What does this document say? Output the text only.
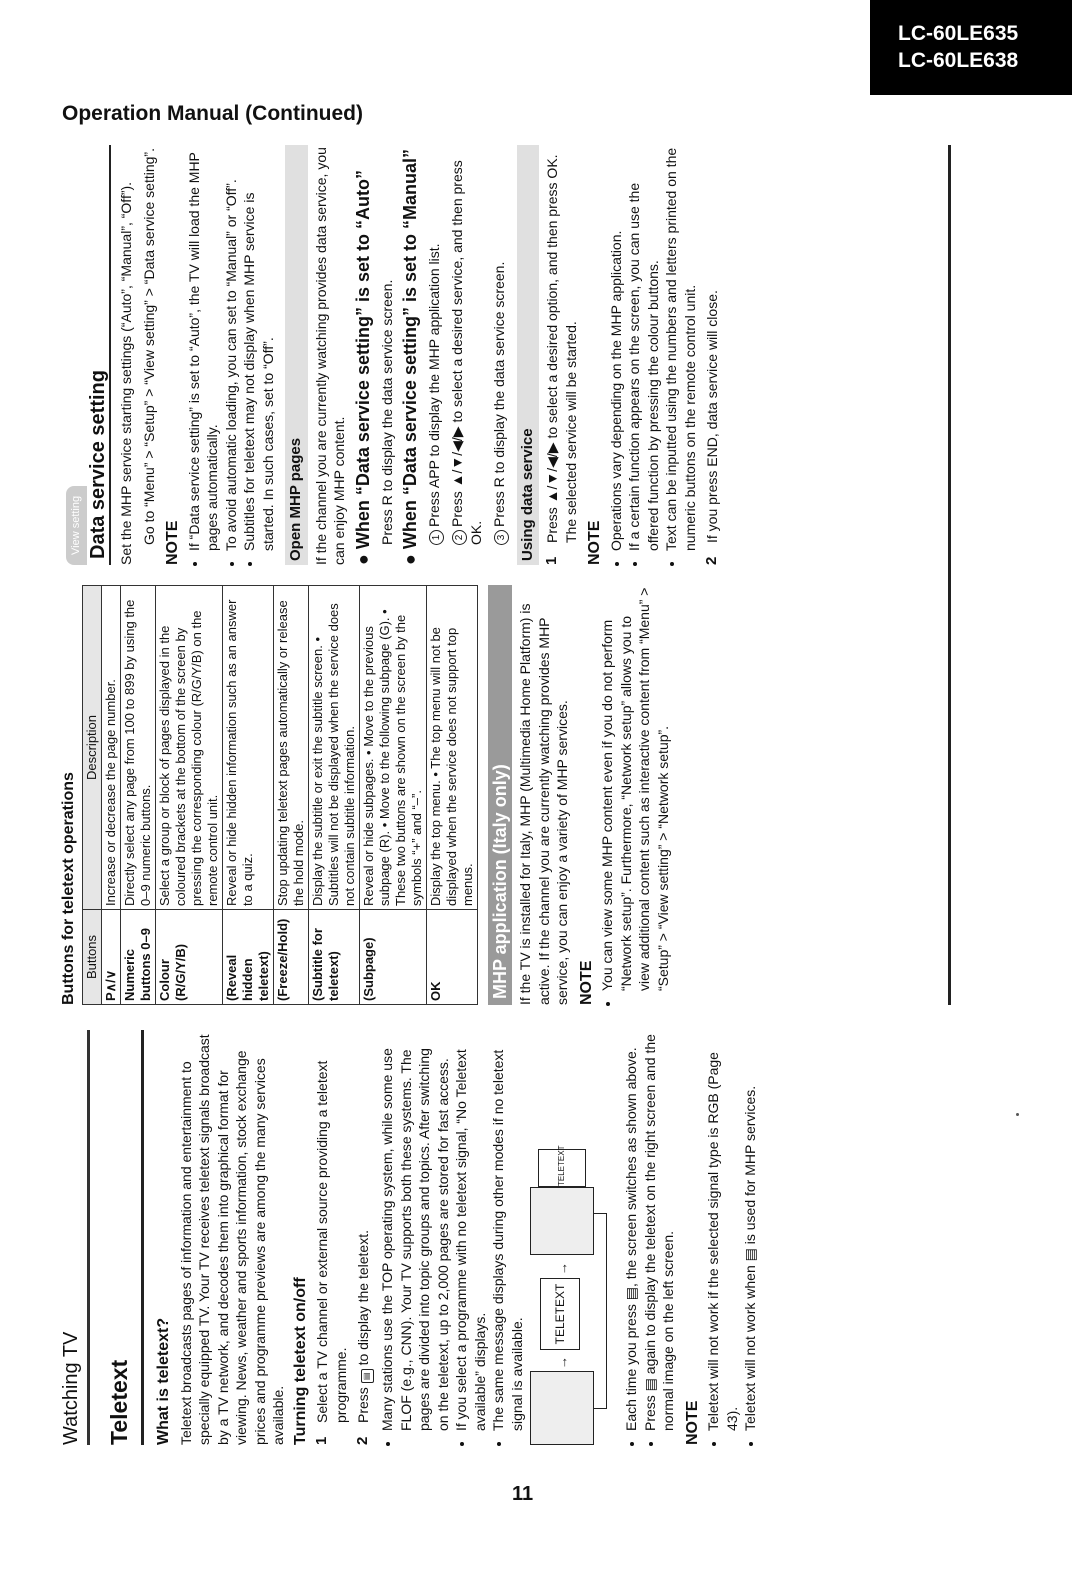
LC-60LE635
LC-60LE638
Operation Manual (Continued)
11
Watching TV Teletext What is teletext? Teletext broadcasts pages of information and entertainment to specially equipped TV. Your TV receives teletext signals broadcast by a TV network, and decodes them into graphical format for viewing. News, weather and sports information, stock exchange prices and programme previews are among the many services available. Turning teletext on/off 1
Select a TV channel or external source providing a teletext programme.
2
Press ▤ to display the teletext. • Many stations use the TOP operating system, while some use FLOF (e.g., CNN). Your TV supports both these systems. The pages are divided into topic groups and topics. After switching on the teletext, up to 2,000 pages are stored for fast access. • If you select a programme with no teletext signal, “No Teletext available” displays. • The same message displays during other modes if no teletext signal is available. →
TELETEXT
→
TELETEXT	• Each time you press ▤, the screen switches as shown above. • Press ▤ again to display the teletext on the right screen and the normal image on the left screen. NOTE • Teletext will not work if the selected signal type is RGB (Page 43). • Teletext will not work when ▤ is used for MHP services.
Buttons for teletext operations Buttons	Description
P∧/∨	Increase or decrease the page number.
Numeric buttons 0–9	Directly select any page from 100 to 899 by using the 0–9 numeric buttons.
Colour (R/G/Y/B)	Select a group or block of pages displayed in the coloured brackets at the bottom of the screen by pressing the corresponding colour (R/G/Y/B) on the remote control unit.
(Reveal hidden teletext)	Reveal or hide hidden information such as an answer to a quiz.
(Freeze/Hold)	Stop updating teletext pages automatically or release the hold mode.
(Subtitle for teletext)	Display the subtitle or exit the subtitle screen. • Subtitles will not be displayed when the service does not contain subtitle information.
(Subpage)	Reveal or hide subpages. • Move to the previous subpage (R). • Move to the following subpage (G). • These two buttons are shown on the screen by the symbols “+” and “–”.
OK	Display the top menu. • The top menu will not be displayed when the service does not support top menus. MHP application (Italy only) If the TV is installed for Italy, MHP (Multimedia Home Platform) is active. If the channel you are currently watching provides MHP service, you can enjoy a variety of MHP services. NOTE • You can view some MHP content even if you do not perform “Network setup”. Furthermore, “Network setup” allows you to view additional content such as interactive content from “Menu” > “Setup” > “View setting” > “Network setup”.
View setting Data service setting Set the MHP service starting settings (“Auto”, “Manual”, “Off”). Go to “Menu” > “Setup” > “View setting” > “Data service setting”. NOTE • If “Data service setting” is set to “Auto”, the TV will load the MHP pages automatically. • To avoid automatic loading, you can set to “Manual” or “Off”. • Subtitles for teletext may not display when MHP service is started. In such cases, set to “Off”. Open MHP pages If the channel you are currently watching provides data service, you can enjoy MHP content. ● When “Data service setting” is set to “Auto” Press R to display the data service screen.

● When “Data service setting” is set to “Manual”	1Press APP to display the MHP application list.

2Press ▲/▼/◀/▶ to select a desired service, and then press OK.	3Press R to display the data service screen. Using data service 1
Press ▲/▼/◀/▶ to select a desired option, and then press OK. The selected service will be started. NOTE • Operations vary depending on the MHP application. • If a certain function appears on the screen, you can use the offered function by pressing the colour buttons. • Text can be inputted using the numbers and letters printed on the numeric buttons on the remote control unit.
2
If you press END, data service will close.
